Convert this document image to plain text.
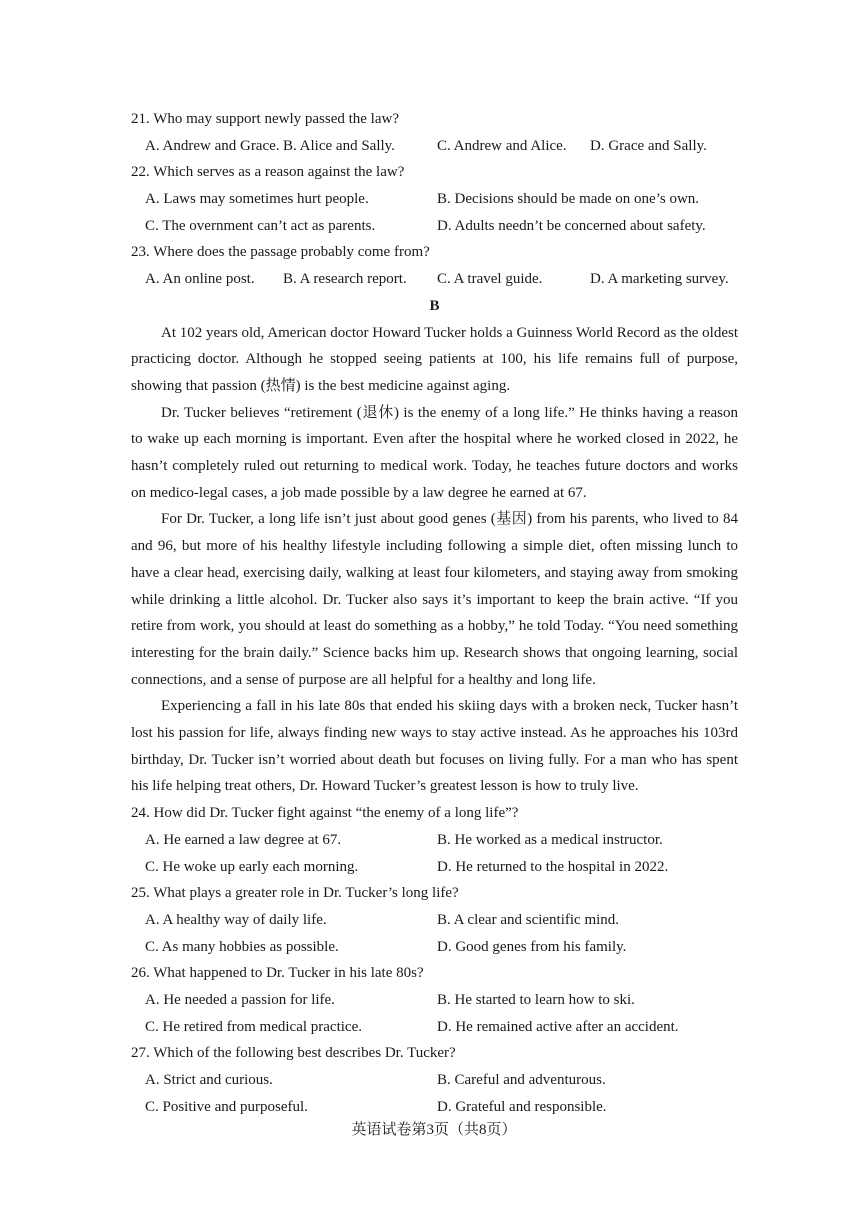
21. Who may support newly passed the law?
A. Andrew and Grace. B. Alice and Sally.	C. Andrew and Alice. D. Grace and Sally.
22. Which serves as a reason against the law?
A. Laws may sometimes hurt people.	B. Decisions should be made on one’s own.
C. The overnment can’t act as parents.	D. Adults needn’t be concerned about safety.
23. Where does the passage probably come from?
A. An online post. B. A research report. C. A travel guide.	D. A marketing survey.
B

At 102 years old, American doctor Howard Tucker holds a Guinness World Record as the oldest practicing doctor. Although he stopped seeing patients at 100, his life remains full of purpose, showing that passion (热情) is the best medicine against aging.

Dr. Tucker believes “retirement (退休) is the enemy of a long life.” He thinks having a reason to wake up each morning is important. Even after the hospital where he worked closed in 2022, he hasn’t completely ruled out returning to medical work. Today, he teaches future doctors and works on medico-legal cases, a job made possible by a law degree he earned at 67.

For Dr. Tucker, a long life isn’t just about good genes (基因) from his parents, who lived to 84 and 96, but more of his healthy lifestyle including following a simple diet, often missing lunch to have a clear head, exercising daily, walking at least four kilometers, and staying away from smoking while drinking a little alcohol. Dr. Tucker also says it’s important to keep the brain active. “If you retire from work, you should at least do something as a hobby,” he told Today. “You need something interesting for the brain daily.” Science backs him up. Research shows that ongoing learning, social connections, and a sense of purpose are all helpful for a healthy and long life.

Experiencing a fall in his late 80s that ended his skiing days with a broken neck, Tucker hasn’t lost his passion for life, always finding new ways to stay active instead. As he approaches his 103rd birthday, Dr. Tucker isn’t worried about death but focuses on living fully. For a man who has spent his life helping treat others, Dr. Howard Tucker’s greatest lesson is how to truly live.

24. How did Dr. Tucker fight against “the enemy of a long life”?
A. He earned a law degree at 67.	B. He worked as a medical instructor.
C. He woke up early each morning.	D. He returned to the hospital in 2022.
25. What plays a greater role in Dr. Tucker’s long life?
A. A healthy way of daily life.	B. A clear and scientific mind.
C. As many hobbies as possible.	D. Good genes from his family.
26. What happened to Dr. Tucker in his late 80s?
A. He needed a passion for life.	B. He started to learn how to ski.
C. He retired from medical practice.	D. He remained active after an accident.
27. Which of the following best describes Dr. Tucker?
A. Strict and curious.	B. Careful and adventurous.
C. Positive and purposeful.	D. Grateful and responsible.
英语试卷第3页（共8页）
